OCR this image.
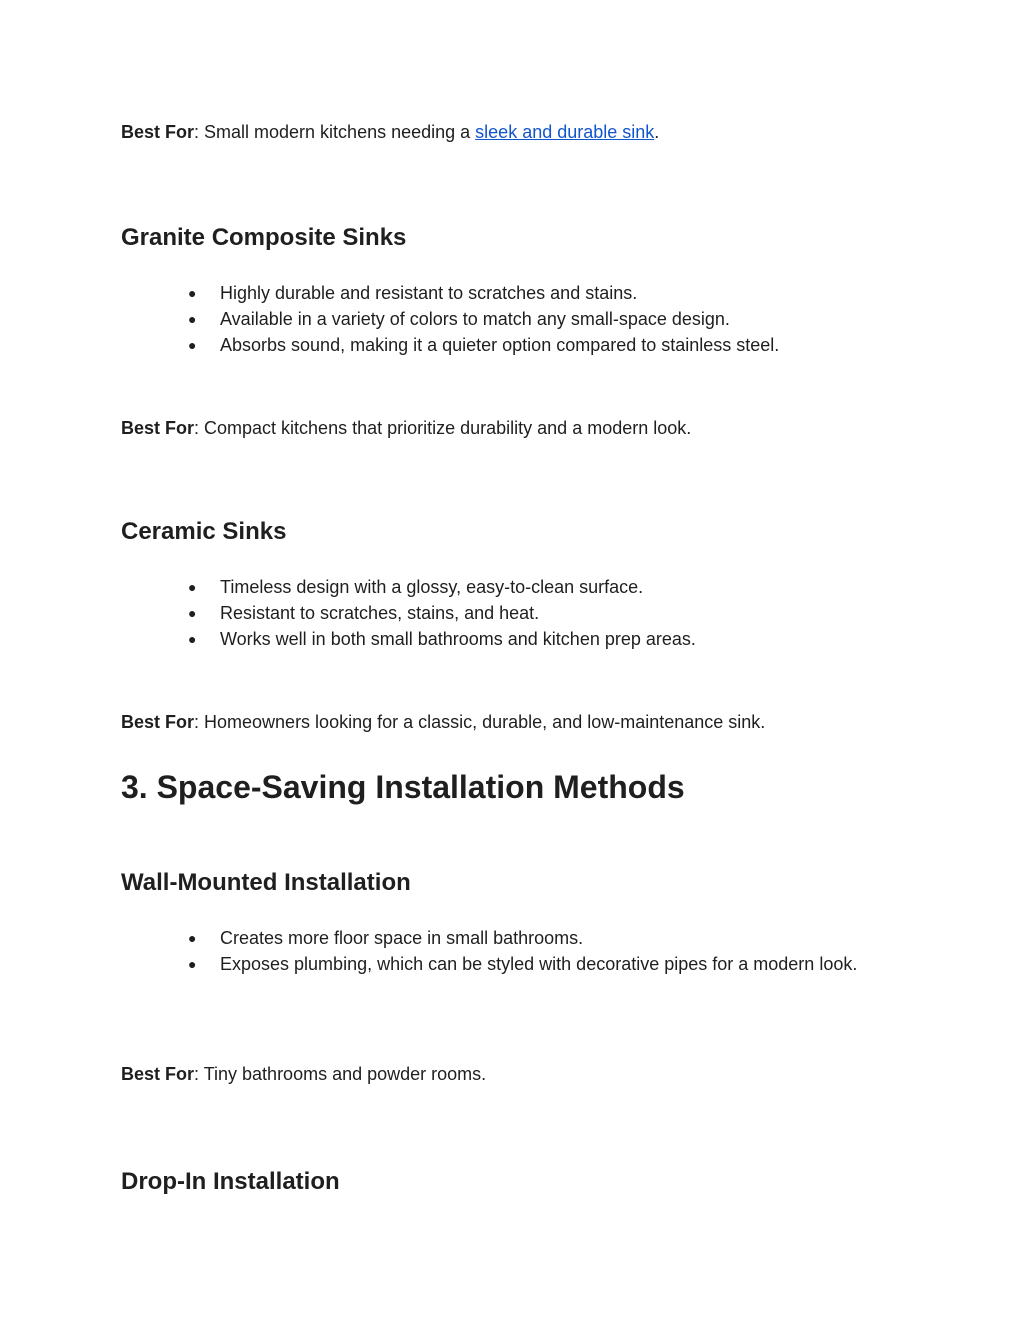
Best For: Small modern kitchens needing a sleek and durable sink.
Granite Composite Sinks
● Highly durable and resistant to scratches and stains.
● Available in a variety of colors to match any small-space design.
● Absorbs sound, making it a quieter option compared to stainless steel.
Best For: Compact kitchens that prioritize durability and a modern look.
Ceramic Sinks
● Timeless design with a glossy, easy-to-clean surface.
● Resistant to scratches, stains, and heat.
● Works well in both small bathrooms and kitchen prep areas.
Best For: Homeowners looking for a classic, durable, and low-maintenance sink.
3. Space-Saving Installation Methods
Wall-Mounted Installation
● Creates more floor space in small bathrooms.
● Exposes plumbing, which can be styled with decorative pipes for a modern look.
Best For: Tiny bathrooms and powder rooms.
Drop-In Installation
